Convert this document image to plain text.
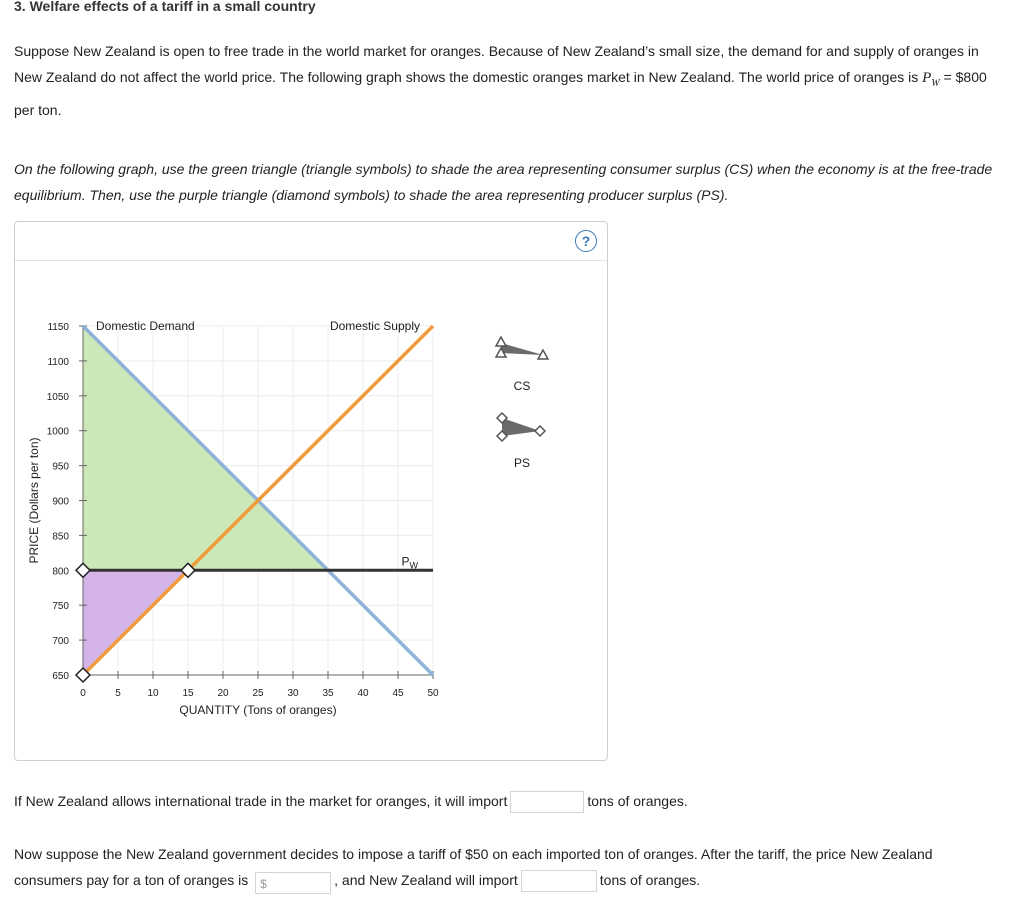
3. Welfare effects of a tariff in a small country

Suppose New Zealand is open to free trade in the world market for oranges. Because of New Zealand’s small size, the demand for and supply of oranges in New Zealand do not affect the world price. The following graph shows the domestic oranges market in New Zealand. The world price of oranges is $P_W$ = $800 per ton.

On the following graph, use the green triangle (triangle symbols) to shade the area representing consumer surplus (CS) when the economy is at the free-trade equilibrium. Then, use the purple triangle (diamond symbols) to shade the area representing producer surplus (PS).

?
650
700
750
800
850
900
950
1000
1050
1100
1150
0	5	10 15 20 25 30 35 40 45 50
QUANTITY (Tons of oranges)
PRICE (Dollars per ton)
Domestic Demand	Domestic Supply
$P_W$
CS
PS

If New Zealand allows international trade in the market for oranges, it will import	tons of oranges.

Now suppose the New Zealand government decides to impose a tariff of $50 on each imported ton of oranges. After the tariff, the price New Zealand consumers pay for a ton of oranges is $	, and New Zealand will import	tons of oranges.
